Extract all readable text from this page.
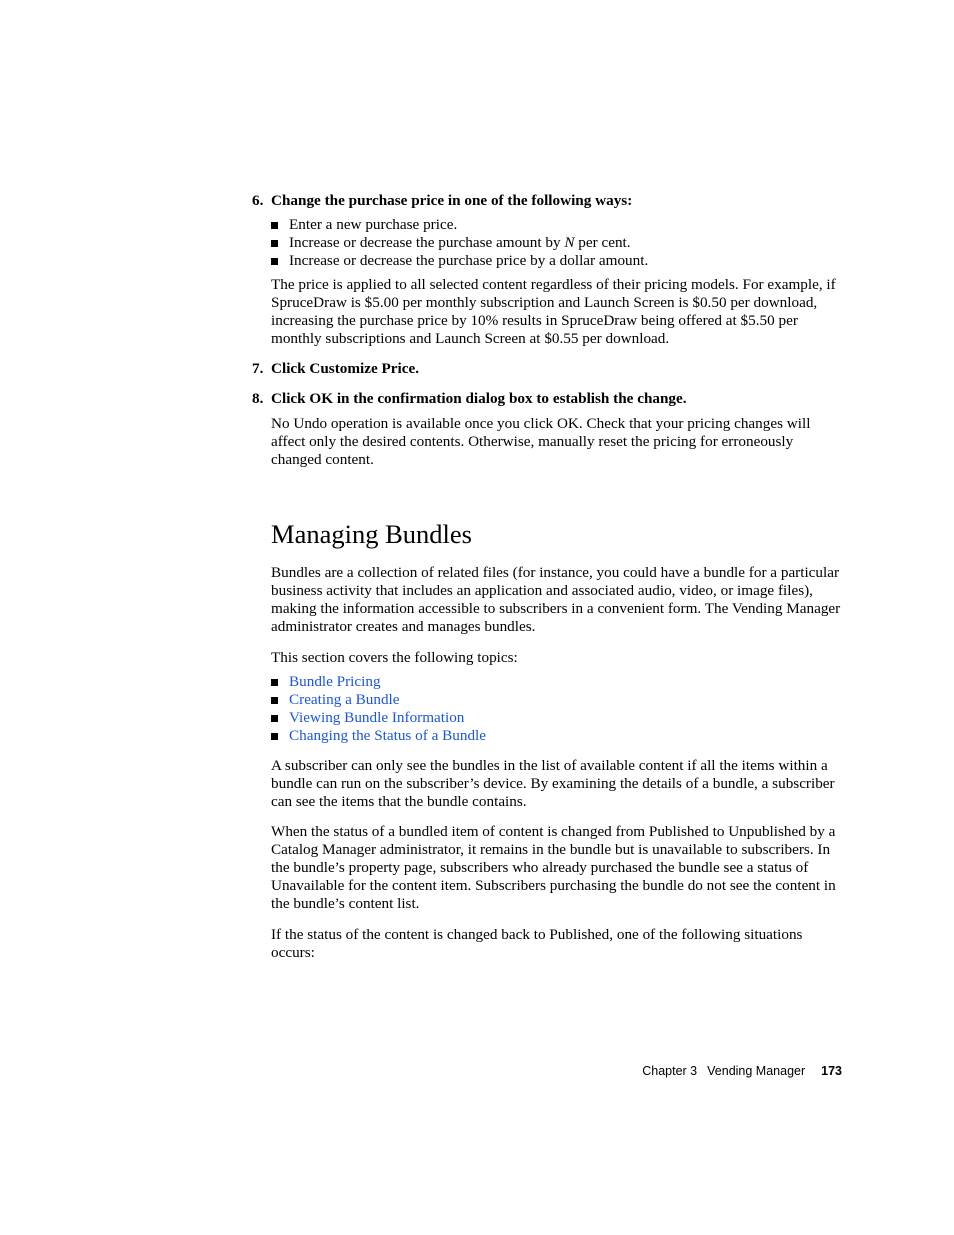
6. Change the purchase price in one of the following ways:

Enter a new purchase price.
Increase or decrease the purchase amount by N per cent.
Increase or decrease the purchase price by a dollar amount.

The price is applied to all selected content regardless of their pricing models. For example, if SpruceDraw is $5.00 per monthly subscription and Launch Screen is $0.50 per download, increasing the purchase price by 10% results in SpruceDraw being offered at $5.50 per monthly subscriptions and Launch Screen at $0.55 per download.

7. Click Customize Price.

8. Click OK in the confirmation dialog box to establish the change.

No Undo operation is available once you click OK. Check that your pricing changes will affect only the desired contents. Otherwise, manually reset the pricing for erroneously changed content.

Managing Bundles

Bundles are a collection of related files (for instance, you could have a bundle for a particular business activity that includes an application and associated audio, video, or image files), making the information accessible to subscribers in a convenient form. The Vending Manager administrator creates and manages bundles.

This section covers the following topics:

Bundle Pricing
Creating a Bundle
Viewing Bundle Information
Changing the Status of a Bundle

A subscriber can only see the bundles in the list of available content if all the items within a bundle can run on the subscriber’s device. By examining the details of a bundle, a subscriber can see the items that the bundle contains.

When the status of a bundled item of content is changed from Published to Unpublished by a Catalog Manager administrator, it remains in the bundle but is unavailable to subscribers. In the bundle’s property page, subscribers who already purchased the bundle see a status of Unavailable for the content item. Subscribers purchasing the bundle do not see the content in the bundle’s content list.

If the status of the content is changed back to Published, one of the following situations occurs:

Chapter 3 Vending Manager 173
